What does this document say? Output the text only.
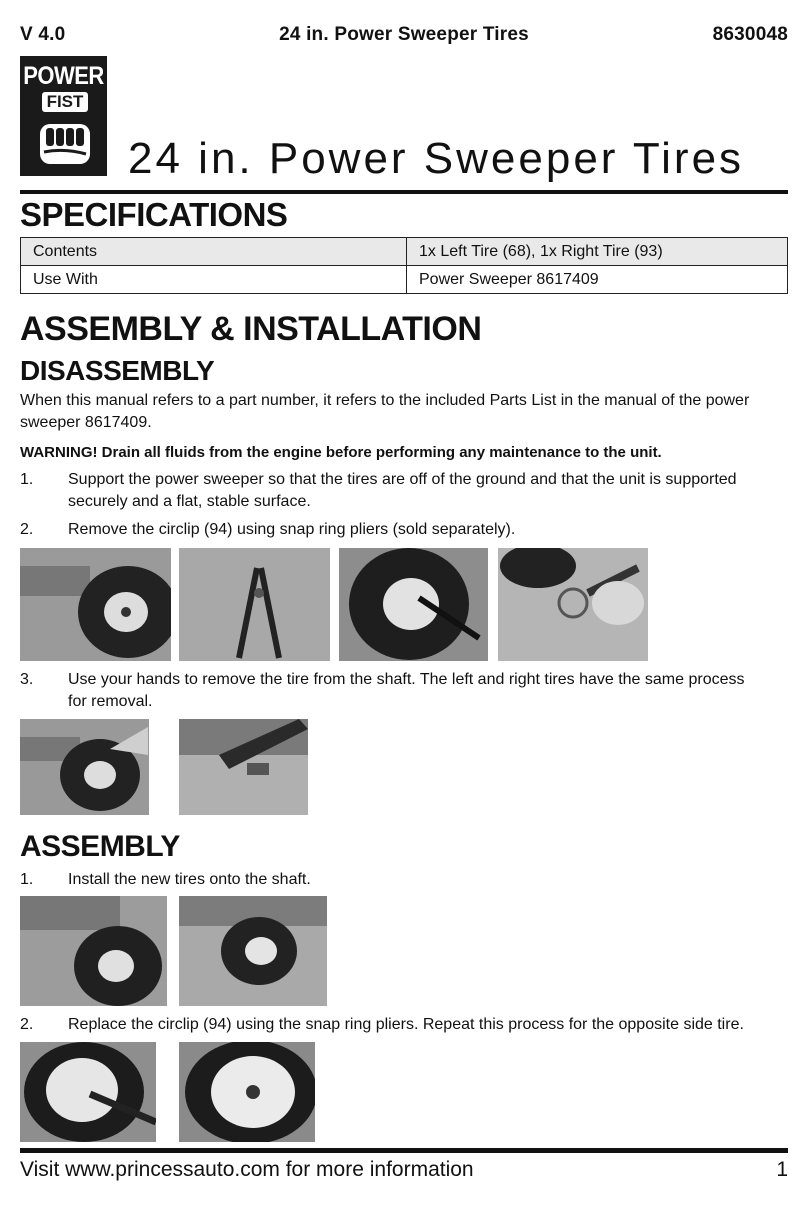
V 4.0	24 in. Power Sweeper Tires	8630048
POWER
FIST
24 in. Power Sweeper Tires
SPECIFICATIONS
Contents	1x Left Tire (68), 1x Right Tire (93)
Use With	Power Sweeper 8617409
ASSEMBLY & INSTALLATION
DISASSEMBLY
When this manual refers to a part number, it refers to the included Parts List in the manual of the power sweeper 8617409.
WARNING! Drain all fluids from the engine before performing any maintenance to the unit.
1. Support the power sweeper so that the tires are off of the ground and that the unit is supported securely and a flat, stable surface.
2. Remove the circlip (94) using snap ring pliers (sold separately).
3. Use your hands to remove the tire from the shaft. The left and right tires have the same process for removal.
ASSEMBLY
1. Install the new tires onto the shaft.
2. Replace the circlip (94) using the snap ring pliers. Repeat this process for the opposite side tire.
Visit www.princessauto.com for more information	1
